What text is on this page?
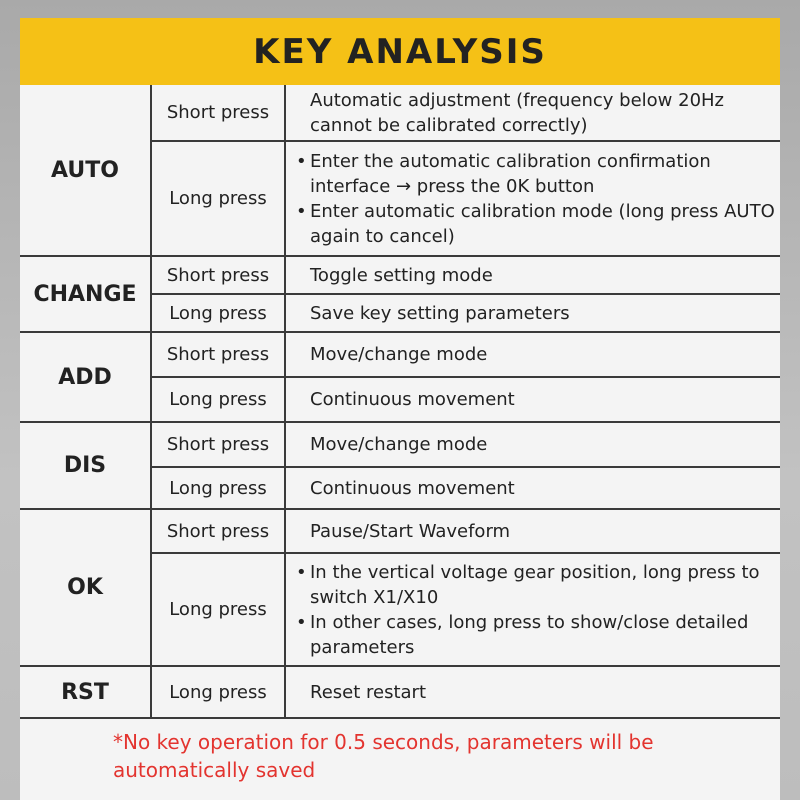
KEY ANALYSIS
AUTO	Short press	Automatic adjustment (frequency below 20Hz cannot be calibrated correctly)
	Long press	• Enter the automatic calibration confirmation interface → press the 0K button
• Enter automatic calibration mode (long press AUTO again to cancel)

CHANGE	Short press	Toggle setting mode
	Long press	Save key setting parameters
ADD	Short press	Move/change mode
	Long press	Continuous movement
DIS	Short press	Move/change mode
	Long press	Continuous movement
OK	Short press	Pause/Start Waveform
	Long press	• In the vertical voltage gear position, long press to switch X1/X10
• In other cases, long press to show/close detailed parameters

RST	Long press	Reset restart
*No key operation for 0.5 seconds, parameters will be automatically saved
